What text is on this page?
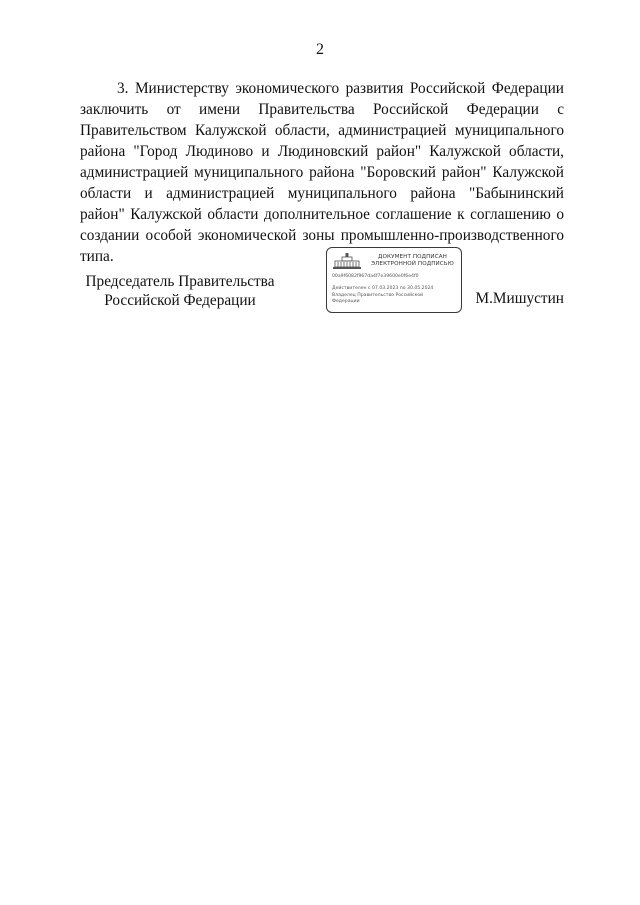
2

3. Министерству экономического развития Российской Федерации заключить от имени Правительства Российской Федерации с Правительством Калужской области, администрацией муниципального района "Город Людиново и Людиновский район" Калужской области, администрацией муниципального района "Боровский район" Калужской области и администрацией муниципального района "Бабынинский район" Калужской области дополнительное соглашение к соглашению о создании особой экономической зоны промышленно-производственного типа.

Председатель Правительства
Российской Федерации	М.Мишустин
ДОКУМЕНТ ПОДПИСАН
ЭЛЕКТРОННОЙ ПОДПИСЬЮ
00a9f6082f967da4f7e39600e0f6e4f0
Действителен с 07.03.2023 по 30.05.2024
Владелец Правительство Российской Федерации
